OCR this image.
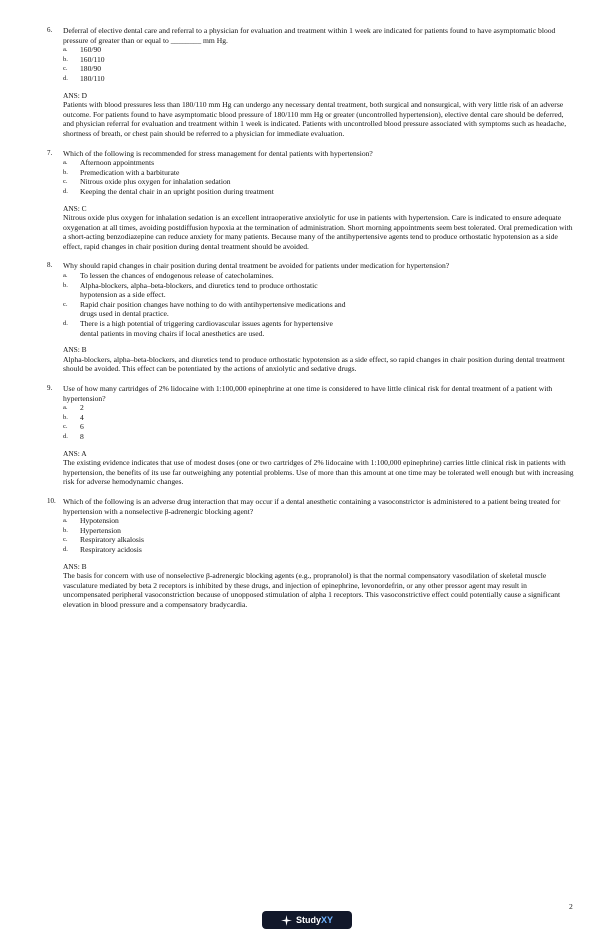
6. Deferral of elective dental care and referral to a physician for evaluation and treatment within 1 week are indicated for patients found to have asymptomatic blood pressure of greater than or equal to ________ mm Hg.

a.	160/90
b.	160/110
c.	180/90
d.	180/110

ANS: D

Patients with blood pressures less than 180/110 mm Hg can undergo any necessary dental treatment, both surgical and nonsurgical, with very little risk of an adverse outcome. For patients found to have asymptomatic blood pressure of 180/110 mm Hg or greater (uncontrolled hypertension), elective dental care should be deferred, and physician referral for evaluation and treatment within 1 week is indicated. Patients with uncontrolled blood pressure associated with symptoms such as headache, shortness of breath, or chest pain should be referred to a physician for immediate evaluation.

7. Which of the following is recommended for stress management for dental patients with hypertension?

a.	Afternoon appointments
b.	Premedication with a barbiturate
c.	Nitrous oxide plus oxygen for inhalation sedation
d.	Keeping the dental chair in an upright position during treatment

ANS: C

Nitrous oxide plus oxygen for inhalation sedation is an excellent intraoperative anxiolytic for use in patients with hypertension. Care is indicated to ensure adequate oxygenation at all times, avoiding postdiffusion hypoxia at the termination of administration. Short morning appointments seem best tolerated. Oral premedication with a short-acting benzodiazepine can reduce anxiety for many patients. Because many of the antihypertensive agents tend to produce orthostatic hypotension as a side effect, rapid changes in chair position during dental treatment should be avoided.

8. Why should rapid changes in chair position during dental treatment be avoided for patients under medication for hypertension?

a.	To lessen the chances of endogenous release of catecholamines.
b.	Alpha-blockers, alpha–beta-blockers, and diuretics tend to produce orthostatic hypotension as a side effect.
c.	Rapid chair position changes have nothing to do with antihypertensive medications and drugs used in dental practice.
d.	There is a high potential of triggering cardiovascular issues agents for hypertensive dental patients in moving chairs if local anesthetics are used.

ANS: B

Alpha-blockers, alpha–beta-blockers, and diuretics tend to produce orthostatic hypotension as a side effect, so rapid changes in chair position during dental treatment should be avoided. This effect can be potentiated by the actions of anxiolytic and sedative drugs.

9. Use of how many cartridges of 2% lidocaine with 1:100,000 epinephrine at one time is considered to have little clinical risk for dental treatment of a patient with hypertension?

a.	2
b.	4
c.	6
d.	8

ANS: A

The existing evidence indicates that use of modest doses (one or two cartridges of 2% lidocaine with 1:100,000 epinephrine) carries little clinical risk in patients with hypertension, the benefits of its use far outweighing any potential problems. Use of more than this amount at one time may be tolerated well enough but with increasing risk for adverse hemodynamic changes.

10. Which of the following is an adverse drug interaction that may occur if a dental anesthetic containing a vasoconstrictor is administered to a patient being treated for hypertension with a nonselective β-adrenergic blocking agent?

a.	Hypotension
b.	Hypertension
c.	Respiratory alkalosis
d.	Respiratory acidosis

ANS: B

The basis for concern with use of nonselective β-adrenergic blocking agents (e.g., propranolol) is that the normal compensatory vasodilation of skeletal muscle vasculature mediated by beta 2 receptors is inhibited by these drugs, and injection of epinephrine, levonordefrin, or any other pressor agent may result in uncompensated peripheral vasoconstriction because of unopposed stimulation of alpha 1 receptors. This vasoconstrictive effect could potentially cause a significant elevation in blood pressure and a compensatory bradycardia.

2
StudyXY
